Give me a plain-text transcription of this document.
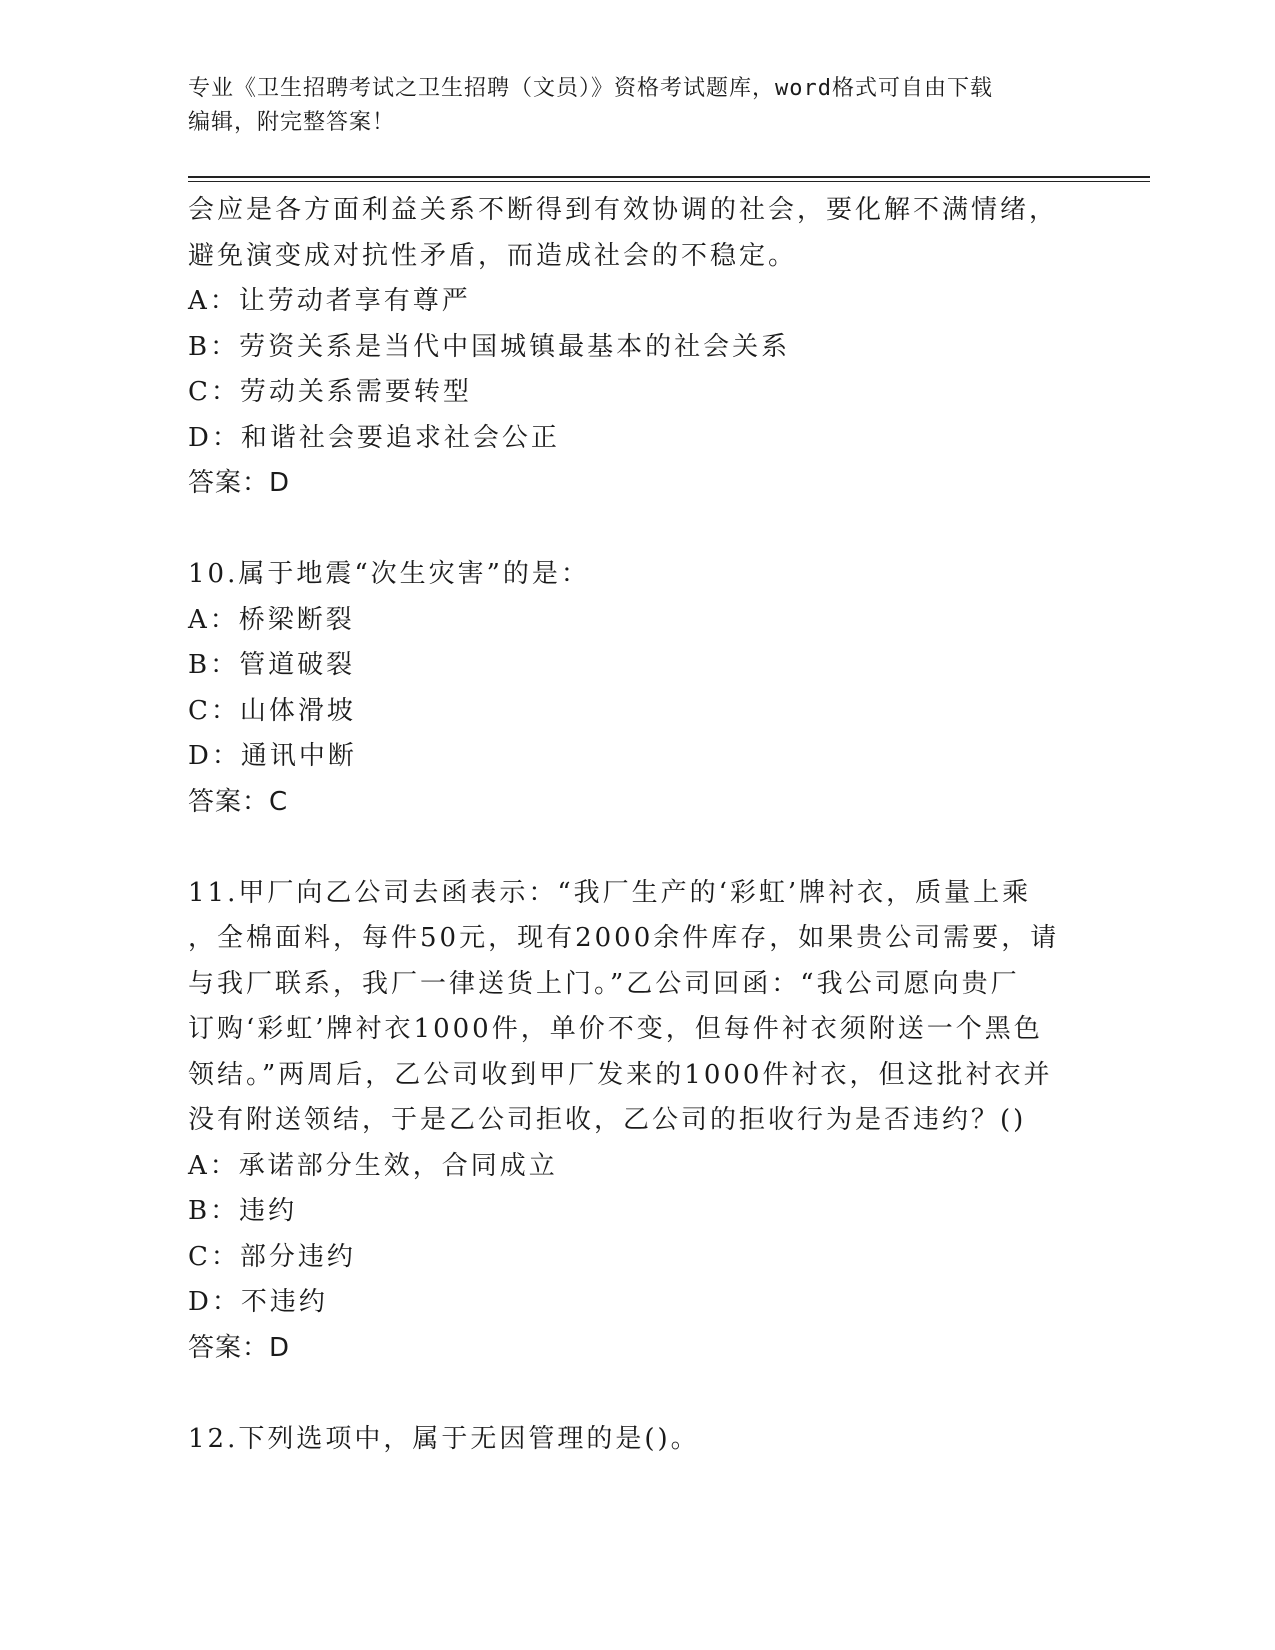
专业《卫生招聘考试之卫生招聘（文员）》资格考试题库，word格式可自由下载
编辑，附完整答案！
会应是各方面利益关系不断得到有效协调的社会，要化解不满情绪，
避免演变成对抗性矛盾，而造成社会的不稳定。
A：让劳动者享有尊严
B：劳资关系是当代中国城镇最基本的社会关系
C：劳动关系需要转型
D：和谐社会要追求社会公正
答案：D
10.属于地震“次生灾害”的是：
A：桥梁断裂
B：管道破裂
C：山体滑坡
D：通讯中断
答案：C
11.甲厂向乙公司去函表示：“我厂生产的‘彩虹’牌衬衣，质量上乘
，全棉面料，每件50元，现有2000余件库存，如果贵公司需要，请
与我厂联系，我厂一律送货上门。”乙公司回函：“我公司愿向贵厂
订购‘彩虹’牌衬衣1000件，单价不变，但每件衬衣须附送一个黑色
领结。”两周后，乙公司收到甲厂发来的1000件衬衣，但这批衬衣并
没有附送领结，于是乙公司拒收，乙公司的拒收行为是否违约？()
A：承诺部分生效，合同成立
B：违约
C：部分违约
D：不违约
答案：D
12.下列选项中，属于无因管理的是()。
